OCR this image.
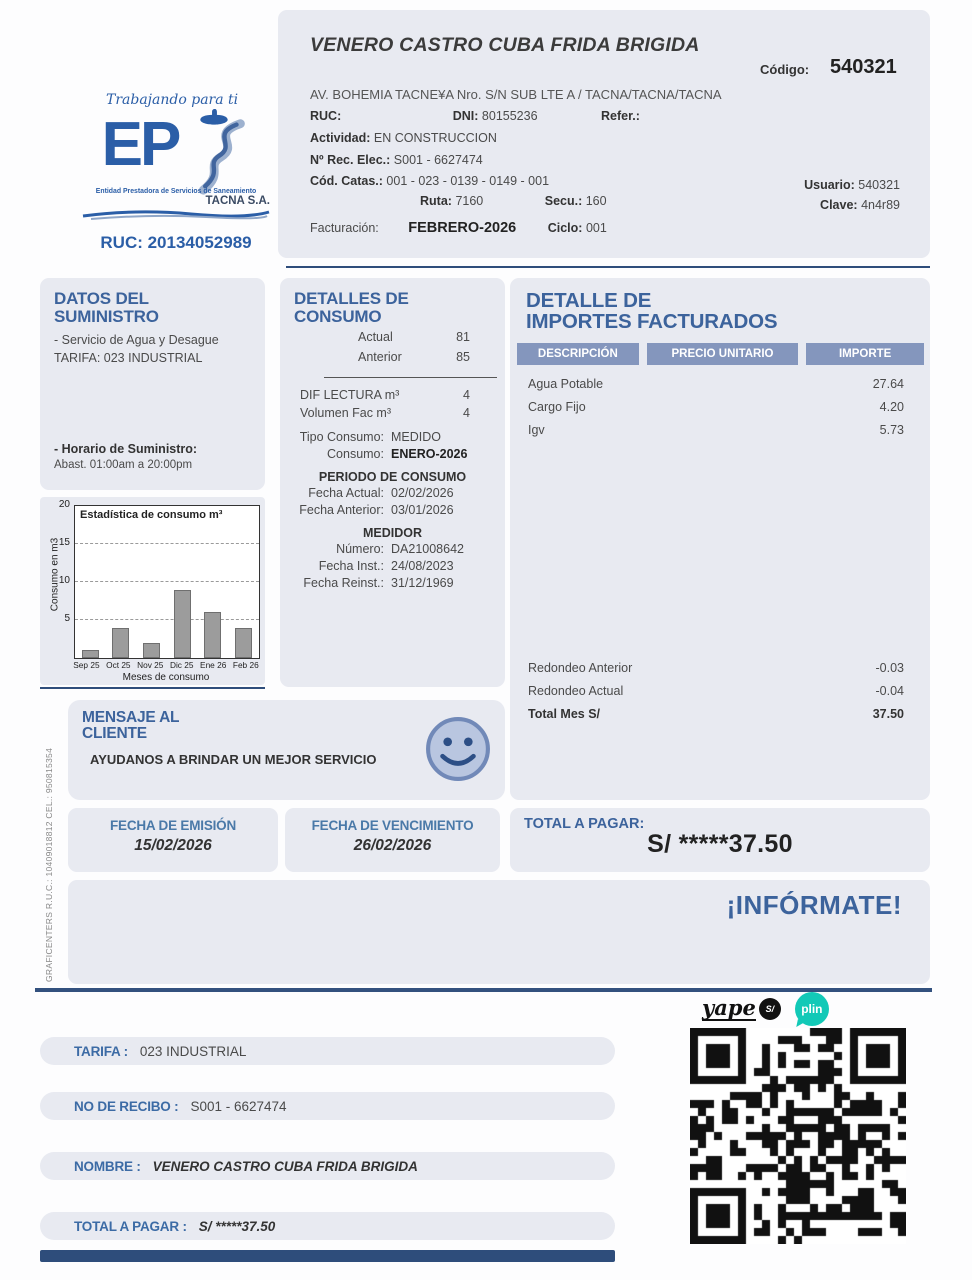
Trabajando para ti
EP
Entidad Prestadora de Servicios de Saneamiento
TACNA S.A.
RUC: 20134052989
VENERO CASTRO CUBA FRIDA BRIGIDA
Código: 540321
AV. BOHEMIA TACNE¥A Nro. S/N SUB LTE A / TACNA/TACNA/TACNA
RUC:	DNI: 80155236	Refer.:
Actividad: EN CONSTRUCCION
Nº Rec. Elec.: S001 - 6627474
Cód. Catas.: 001 - 023 - 0139 - 0149 - 001
Ruta: 7160	Secu.: 160
Usuario: 540321
Clave: 4n4r89
Facturación: FEBRERO-2026	Ciclo: 001
DATOS DEL
SUMINISTRO
- Servicio de Agua y Desague
TARIFA: 023 INDUSTRIAL
- Horario de Suministro:
Abast. 01:00am a 20:00pm
Consumo en m3
Estadística de consumo m³
Sep 25 Oct 25 Nov 25 Dic 25 Ene 26 Feb 26
Meses de consumo
5
10
15
20
DETALLES DE
CONSUMO
Actual	81
Anterior	85
DIF LECTURA m³	4
Volumen Fac m³	4
Tipo Consumo: MEDIDO
Consumo: ENERO-2026
PERIODO DE CONSUMO
Fecha Actual: 02/02/2026
Fecha Anterior: 03/01/2026
MEDIDOR
Número: DA21008642
Fecha Inst.: 24/08/2023
Fecha Reinst.: 31/12/1969
DETALLE DE
IMPORTES FACTURADOS
DESCRIPCIÓN	PRECIO UNITARIO	IMPORTE
Agua Potable	27.64
Cargo Fijo	4.20
Igv	5.73
Redondeo Anterior	-0.03
Redondeo Actual	-0.04
Total Mes S/	37.50
MENSAJE AL
CLIENTE
AYUDANOS A BRINDAR UN MEJOR SERVICIO
FECHA DE EMISIÓN
15/02/2026
FECHA DE VENCIMIENTO
26/02/2026
TOTAL A PAGAR:
S/ *****37.50
¡INFÓRMATE!
GRAFICENTERS R.U.C.: 10409018812 CEL.: 950815354
yape	S/	plin
TARIFA : 023 INDUSTRIAL
NO DE RECIBO : S001 - 6627474
NOMBRE : VENERO CASTRO CUBA FRIDA BRIGIDA
TOTAL A PAGAR : S/ *****37.50
